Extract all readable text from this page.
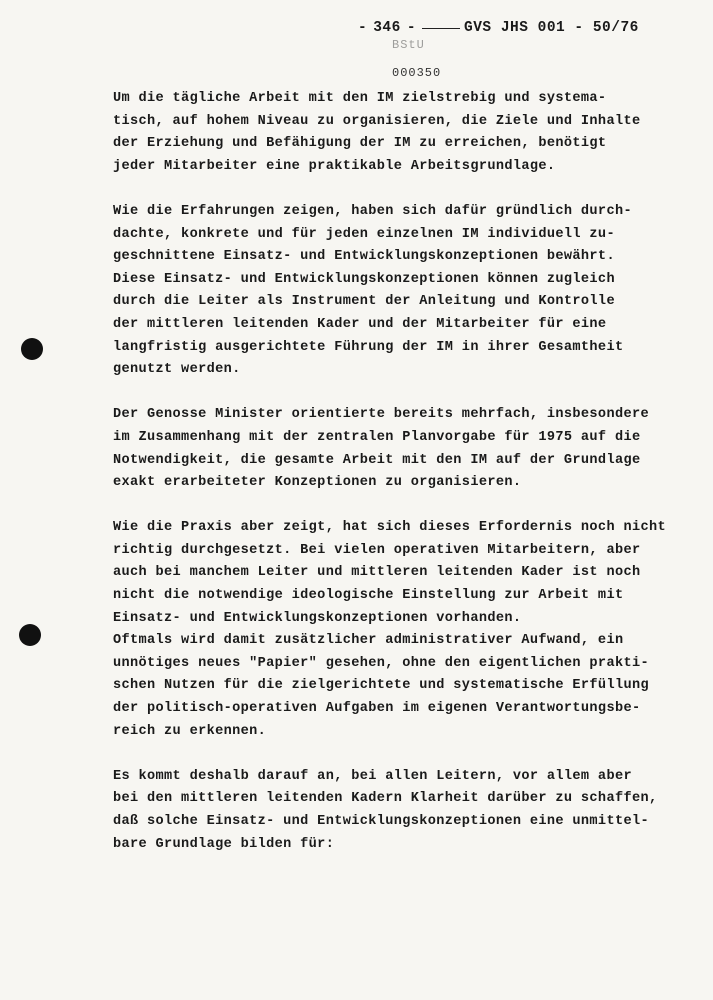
- 346 -	GVS JHS 001 - 50/76
BStU
000350
Um die tägliche Arbeit mit den IM zielstrebig und systema-
tisch, auf hohem Niveau zu organisieren, die Ziele und Inhalte
der Erziehung und Befähigung der IM zu erreichen, benötigt
jeder Mitarbeiter eine praktikable Arbeitsgrundlage.
Wie die Erfahrungen zeigen, haben sich dafür gründlich durch-
dachte, konkrete und für jeden einzelnen IM individuell zu-
geschnittene Einsatz- und Entwicklungskonzeptionen bewährt.
Diese Einsatz- und Entwicklungskonzeptionen können zugleich
durch die Leiter als Instrument der Anleitung und Kontrolle
der mittleren leitenden Kader und der Mitarbeiter für eine
langfristig ausgerichtete Führung der IM in ihrer Gesamtheit
genutzt werden.
Der Genosse Minister orientierte bereits mehrfach, insbesondere
im Zusammenhang mit der zentralen Planvorgabe für 1975 auf die
Notwendigkeit, die gesamte Arbeit mit den IM auf der Grundlage
exakt erarbeiteter Konzeptionen zu organisieren.
Wie die Praxis aber zeigt, hat sich dieses Erfordernis noch nicht
richtig durchgesetzt. Bei vielen operativen Mitarbeitern, aber
auch bei manchem Leiter und mittleren leitenden Kader ist noch
nicht die notwendige ideologische Einstellung zur Arbeit mit
Einsatz- und Entwicklungskonzeptionen vorhanden.
Oftmals wird damit zusätzlicher administrativer Aufwand, ein
unnötiges neues "Papier" gesehen, ohne den eigentlichen prakti-
schen Nutzen für die zielgerichtete und systematische Erfüllung
der politisch-operativen Aufgaben im eigenen Verantwortungsbe-
reich zu erkennen.
Es kommt deshalb darauf an, bei allen Leitern, vor allem aber
bei den mittleren leitenden Kadern Klarheit darüber zu schaffen,
daß solche Einsatz- und Entwicklungskonzeptionen eine unmittel-
bare Grundlage bilden für:
